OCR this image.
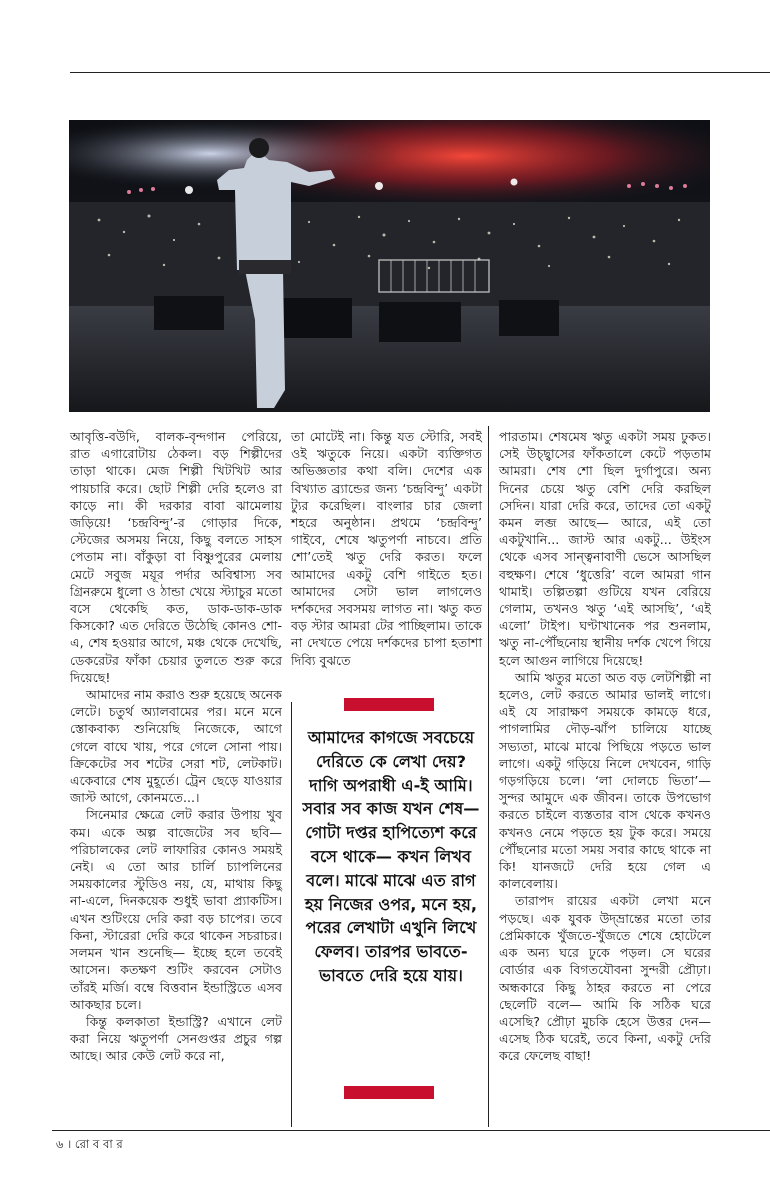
আবৃত্তি-বউদি, বালক-বৃন্দগান পেরিয়ে, রাত এগারোটায় ঠেকল। বড় শিল্পীদের তাড়া থাকে। মেজ শিল্পী খিটখিট আর পায়চারি করে। ছোট শিল্পী দেরি হলেও রা কাড়ে না। কী দরকার বাবা ঝামেলায় জড়িয়ে! ‘চন্দ্রবিন্দু’-র গোড়ার দিকে, স্টেজের অসময় নিয়ে, কিছু বলতে সাহস পেতাম না। বাঁকুড়া বা বিষ্ণুপুরের মেলায় মেটে সবুজ ময়ূর পর্দার অবিশ্বাস্য সব গ্রিনরুমে ধুলো ও ঠান্ডা খেয়ে স্ট্যাচুর মতো বসে থেকেছি কত, ডাক-ডাক-ডাক কিসকো? এত দেরিতে উঠেছি কোনও শো-এ, শেষ হওয়ার আগে, মঞ্চ থেকে দেখেছি, ডেকরেটর ফাঁকা চেয়ার তুলতে শুরু করে দিয়েছে!

আমাদের নাম করাও শুরু হয়েছে অনেক লেটে। চতুর্থ অ্যালবামের পর। মনে মনে স্তোকবাক্য শুনিয়েছি নিজেকে, আগে গেলে বাঘে খায়, পরে গেলে সোনা পায়। ক্রিকেটের সব শটের সেরা শট, লেটকাট। একেবারে শেষ মুহূর্তে। ট্রেন ছেড়ে যাওয়ার জাস্ট আগে, কোনমতে...।

সিনেমার ক্ষেত্রে লেট করার উপায় খুব কম। একে অল্প বাজেটের সব ছবি— পরিচালকের লেট লাফারির কোনও সময়ই নেই। এ তো আর চার্লি চ্যাপলিনের সময়কালের স্টুডিও নয়, যে, মাথায় কিছু না-এলে, দিনকয়েক শুধুই ভাবা প্র্যাকটিস। এখন শুটিংয়ে দেরি করা বড় চাপের। তবে কিনা, স্টারেরা দেরি করে থাকেন সচরাচর। সলমন খান শুনেছি— ইচ্ছে হলে তবেই আসেন। কতক্ষণ শুটিং করবেন সেটাও তাঁরই মর্জি। বম্বে বিত্তবান ইন্ডাস্ট্রিতে এসব আকছার চলে।

কিন্তু কলকাতা ইন্ডাস্ট্রি? এখানে লেট করা নিয়ে ঋতুপর্ণা সেনগুপ্তর প্রচুর গল্প আছে। আর কেউ লেট করে না,

তা মোটেই না। কিন্তু যত স্টোরি, সবই ওই ঋতুকে নিয়ে। একটা ব্যক্তিগত অভিজ্ঞতার কথা বলি। দেশের এক বিখ্যাত ব্র্যান্ডের জন্য ‘চন্দ্রবিন্দু’ একটা ট্যুর করেছিল। বাংলার চার জেলা শহরে অনুষ্ঠান। প্রথমে ‘চন্দ্রবিন্দু’ গাইবে, শেষে ঋতুপর্ণা নাচবে। প্রতি শো’তেই ঋতু দেরি করত। ফলে আমাদের একটু বেশি গাইতে হত। আমাদের সেটা ভাল লাগলেও দর্শকদের সবসময় লাগত না। ঋতু কত বড় স্টার আমরা টের পাচ্ছিলাম। তাকে না দেখতে পেয়ে দর্শকদের চাপা হতাশা দিব্যি বুঝতে

পারতাম। শেষমেষ ঋতু একটা সময় ঢুকত। সেই উচ্ছ্বাসের ফাঁকতালে কেটে পড়তাম আমরা। শেষ শো ছিল দুর্গাপুরে। অন্য দিনের চেয়ে ঋতু বেশি দেরি করছিল সেদিন। যারা দেরি করে, তাদের তো একটু কমন লব্জ আছে— আরে, এই তো একটুখানি... জাস্ট আর একটু... উইংস থেকে এসব সান্ত্বনাবাণী ভেসে আসছিল বহুক্ষণ। শেষে ‘ধুত্তেরি’ বলে আমরা গান থামাই। তল্পিতল্পা গুটিয়ে যখন বেরিয়ে গেলাম, তখনও ঋতু ‘এই আসছি’, ‘এই এলো’ টাইপ। ঘণ্টাখানেক পর শুনলাম, ঋতু না-পৌঁছনোয় স্থানীয় দর্শক খেপে গিয়ে হলে আগুন লাগিয়ে দিয়েছে!

আমি ঋতুর মতো অত বড় লেটশিল্পী না হলেও, লেট করতে আমার ভালই লাগে। এই যে সারাক্ষণ সময়কে কামড়ে ধরে, পাগলামির দৌড়-ঝাঁপ চালিয়ে যাচ্ছে সভ্যতা, মাঝে মাঝে পিছিয়ে পড়তে ভাল লাগে। একটু গড়িয়ে নিলে দেখবেন, গাড়ি গড়গড়িয়ে চলে। ‘লা দোলচে ভিতা’— সুন্দর আমুদে এক জীবন। তাকে উপভোগ করতে চাইলে ব্যস্ততার বাস থেকে কখনও কখনও নেমে পড়তে হয় টুক করে। সময়ে পৌঁছনোর মতো সময় সবার কাছে থাকে না কি! যানজটে দেরি হয়ে গেল এ কালবেলায়।

তারাপদ রায়ের একটা লেখা মনে পড়ছে। এক যুবক উদ্‌ভ্রান্তের মতো তার প্রেমিকাকে খুঁজতে-খুঁজতে শেষে হোটেলে এক অন্য ঘরে ঢুকে পড়ল। সে ঘরের বোর্ডার এক বিগতযৌবনা সুন্দরী প্রৌঢ়া। অন্ধকারে কিছু ঠাহর করতে না পেরে ছেলেটি বলে— আমি কি সঠিক ঘরে এসেছি? প্রৌঢ়া মুচকি হেসে উত্তর দেন— এসেছ ঠিক ঘরেই, তবে কিনা, একটু দেরি করে ফেলেছ বাছা!

আমাদের কাগজে সবচেয়ে দেরিতে কে লেখা দেয়? দাগি অপরাধী এ-ই আমি। সবার সব কাজ যখন শেষ— গোটা দপ্তর হাপিত্যেশ করে বসে থাকে— কখন লিখব বলে। মাঝে মাঝে এত রাগ হয় নিজের ওপর, মনে হয়, পরের লেখাটা এখুনি লিখে ফেলব। তারপর ভাবতে-ভাবতে দেরি হয়ে যায়।
৬ । রো ব বা র
